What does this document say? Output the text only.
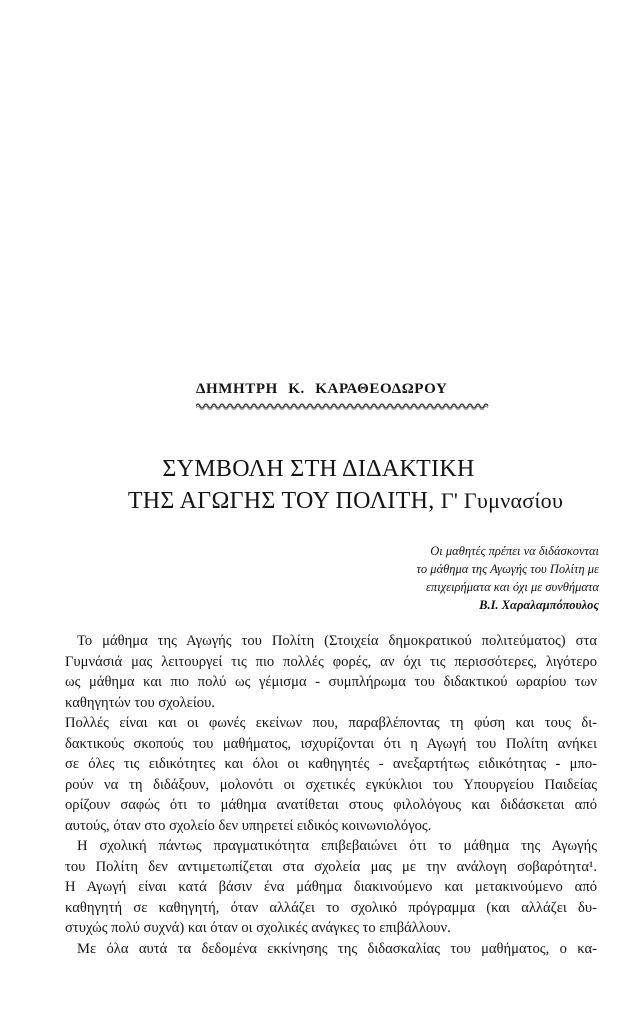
ΔΗΜΗΤΡΗ Κ. ΚΑΡΑΘΕΟΔΩΡΟΥ
ΣΥΜΒΟΛΗ ΣΤΗ ΔΙΔΑΚΤΙΚΗ
ΤΗΣ ΑΓΩΓΗΣ ΤΟΥ ΠΟΛΙΤΗ, Γ' Γυμνασίου
Οι μαθητές πρέπει να διδάσκονται
το μάθημα της Αγωγής του Πολίτη με
επιχειρήματα και όχι με συνθήματα
Β.Ι. Χαραλαμπόπουλος
Το μάθημα της Αγωγής του Πολίτη (Στοιχεία δημοκρατικού πολιτεύματος) στα
Γυμνάσιά μας λειτουργεί τις πιο πολλές φορές, αν όχι τις περισσότερες, λιγότερο
ως μάθημα και πιο πολύ ως γέμισμα - συμπλήρωμα του διδακτικού ωραρίου των
καθηγητών του σχολείου.
Πολλές είναι και οι φωνές εκείνων που, παραβλέποντας τη φύση και τους δι-
δακτικούς σκοπούς του μαθήματος, ισχυρίζονται ότι η Αγωγή του Πολίτη ανήκει
σε όλες τις ειδικότητες και όλοι οι καθηγητές - ανεξαρτήτως ειδικότητας - μπο-
ρούν να τη διδάξουν, μολονότι οι σχετικές εγκύκλιοι του Υπουργείου Παιδείας
ορίζουν σαφώς ότι το μάθημα ανατίθεται στους φιλολόγους και διδάσκεται από
αυτούς, όταν στο σχολείο δεν υπηρετεί ειδικός κοινωνιολόγος.
Η σχολική πάντως πραγματικότητα επιβεβαιώνει ότι το μάθημα της Αγωγής
του Πολίτη δεν αντιμετωπίζεται στα σχολεία μας με την ανάλογη σοβαρότητα¹.
Η Αγωγή είναι κατά βάσιν ένα μάθημα διακινούμενο και μετακινούμενο από
καθηγητή σε καθηγητή, όταν αλλάζει το σχολικό πρόγραμμα (και αλλάζει δυ-
στυχώς πολύ συχνά) και όταν οι σχολικές ανάγκες το επιβάλλουν.
Με όλα αυτά τα δεδομένα εκκίνησης της διδασκαλίας του μαθήματος, ο κα-
